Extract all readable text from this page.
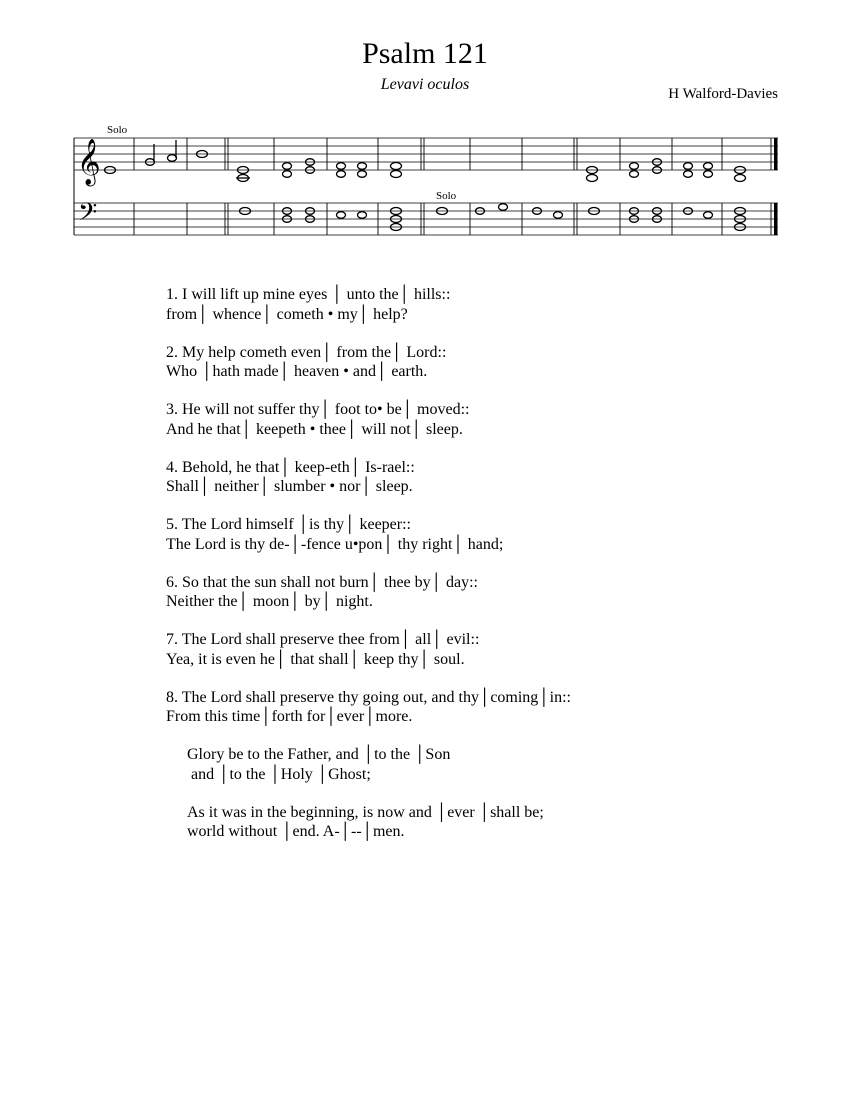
Psalm 121
Levavi oculos
H Walford-Davies
𝄞
𝄢
Solo
Solo
1. I will lift up mine eyes │ unto the│ hills::
from│ whence│ cometh • my│ help?
2. My help cometh even│ from the│ Lord::
Who │hath made│ heaven • and│ earth.
3. He will not suffer thy│ foot to• be│ moved::
And he that│ keepeth • thee│ will not│ sleep.
4. Behold, he that│ keep-eth│ Is-rael::
Shall│ neither│ slumber • nor│ sleep.
5. The Lord himself │is thy│ keeper::
The Lord is thy de-│-fence u•pon│ thy right│ hand;
6. So that the sun shall not burn│ thee by│ day::
Neither the│ moon│ by│ night.
7. The Lord shall preserve thee from│ all│ evil::
Yea, it is even he│ that shall│ keep thy│ soul.
8. The Lord shall preserve thy going out, and thy│coming│in::
From this time│forth for│ever│more.
Glory be to the Father, and │to the │Son
and │to the │Holy │Ghost;
As it was in the beginning, is now and │ever │shall be;
world without │end. A-│--│men.
